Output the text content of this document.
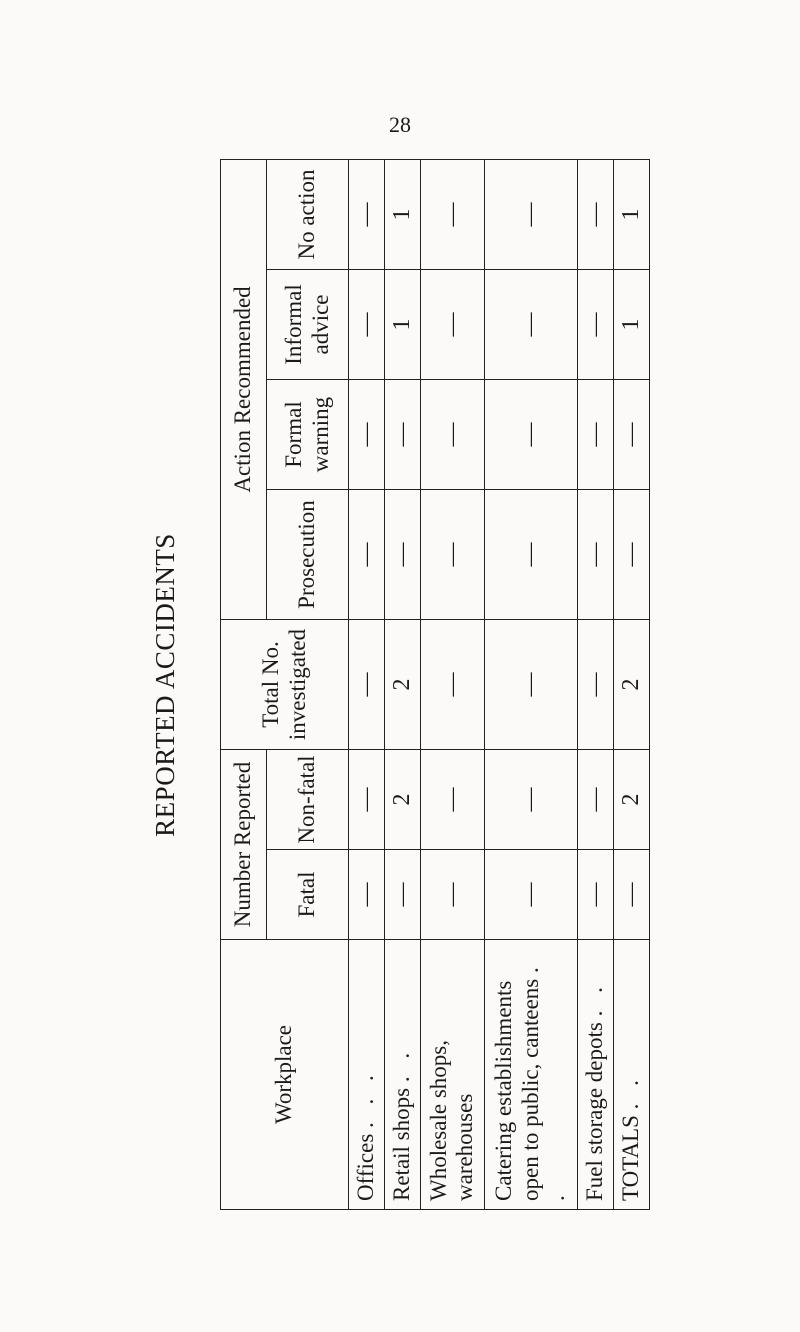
28
REPORTED ACCIDENTS
Workplace	Number Reported		Total No. investigated	Action Recommended			
	Fatal	Non-fatal		Prosecution	Formal warning	Informal advice	No action
Offices . . .	—	—	—	—	—	—	—
Retail shops . .	—	2	2	—	—	1	1
Wholesale shops, warehouses	—	—	—	—	—	—	—
Catering establishments open to public, canteens . .	—	—	—	—	—	—	—
Fuel storage depots . .	—	—	—	—	—	—	—
TOTALS . .	—	2	2	—	—	1	1
